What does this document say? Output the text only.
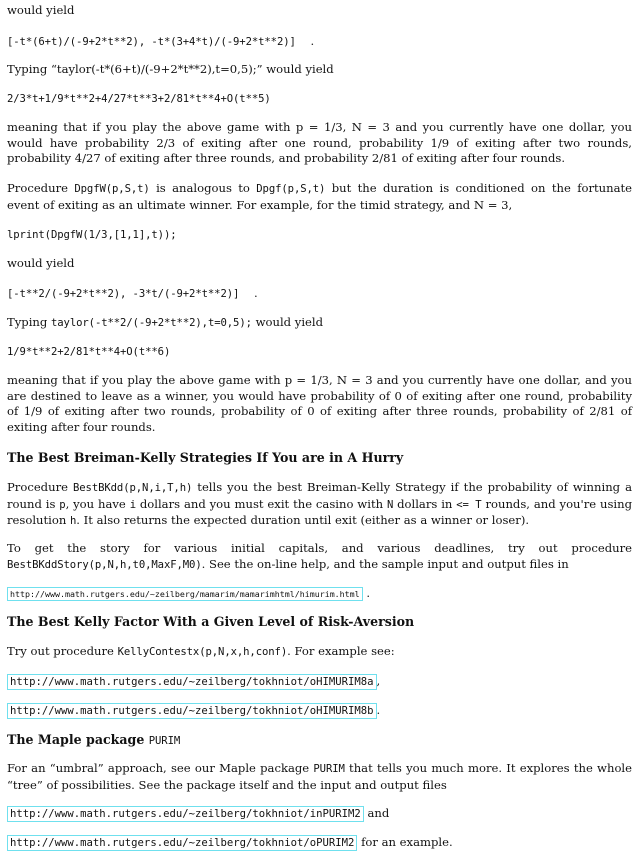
would yield
[-t*(6+t)/(-9+2*t**2), -t*(3+4*t)/(-9+2*t**2)] .
Typing “taylor(-t*(6+t)/(-9+2*t**2),t=0,5);” would yield
2/3*t+1/9*t**2+4/27*t**3+2/81*t**4+O(t**5)
meaning that if you play the above game with p = 1/3, N = 3 and you currently have one dollar, you would have probability 2/3 of exiting after one round, probability 1/9 of exiting after two rounds, probability 4/27 of exiting after three rounds, and probability 2/81 of exiting after four rounds.
Procedure DpgfW(p,S,t) is analogous to Dpgf(p,S,t) but the duration is conditioned on the fortunate event of exiting as an ultimate winner. For example, for the timid strategy, and N = 3,
lprint(DpgfW(1/3,[1,1],t));
would yield
[-t**2/(-9+2*t**2), -3*t/(-9+2*t**2)] .
Typing taylor(-t**2/(-9+2*t**2),t=0,5); would yield
1/9*t**2+2/81*t**4+O(t**6)
meaning that if you play the above game with p = 1/3, N = 3 and you currently have one dollar, and you are destined to leave as a winner, you would have probability of 0 of exiting after one round, probability of 1/9 of exiting after two rounds, probability of 0 of exiting after three rounds, probability of 2/81 of exiting after four rounds.
The Best Breiman-Kelly Strategies If You are in A Hurry
Procedure BestBKdd(p,N,i,T,h) tells you the best Breiman-Kelly Strategy if the probability of winning a round is p, you have i dollars and you must exit the casino with N dollars in <= T rounds, and you're using resolution h. It also returns the expected duration until exit (either as a winner or loser).
To get the story for various initial capitals, and various deadlines, try out procedure BestBKddStory(p,N,h,t0,MaxF,M0). See the on-line help, and the sample input and output files in
http://www.math.rutgers.edu/~zeilberg/mamarim/mamarimhtml/himurim.html .
The Best Kelly Factor With a Given Level of Risk-Aversion
Try out procedure KellyContestx(p,N,x,h,conf). For example see:
http://www.math.rutgers.edu/~zeilberg/tokhniot/oHIMURIM8a ,
http://www.math.rutgers.edu/~zeilberg/tokhniot/oHIMURIM8b .
The Maple package PURIM
For an “umbral” approach, see our Maple package PURIM that tells you much more. It explores the whole “tree” of possibilities. See the package itself and the input and output files
http://www.math.rutgers.edu/~zeilberg/tokhniot/inPURIM2 and
http://www.math.rutgers.edu/~zeilberg/tokhniot/oPURIM2 for an example.
